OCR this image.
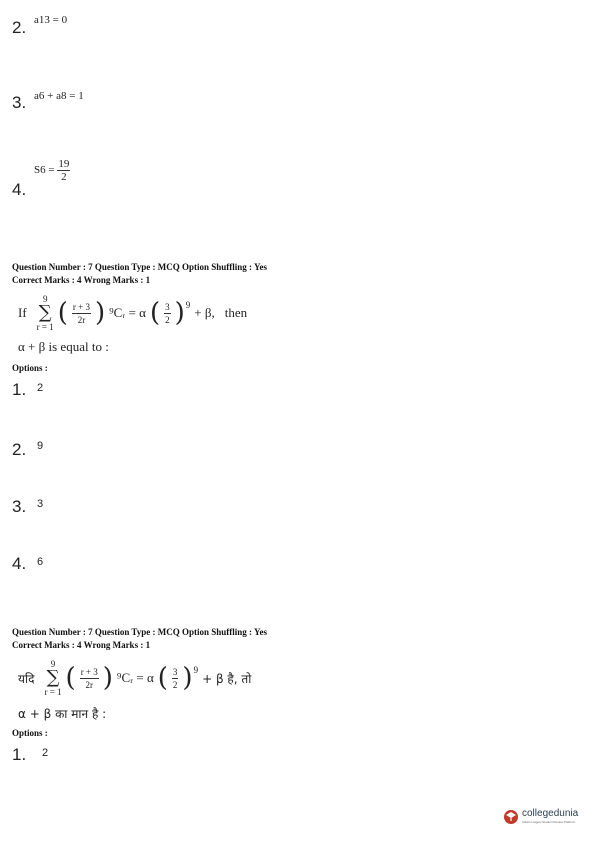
2. a13 = 0
3. a6 + a8 = 1
4.
$S6 = \frac{19}{2}$
Question Number : 7 Question Type : MCQ Option Shuffling : Yes
Correct Marks : 4 Wrong Marks : 1
If
9
∑
r = 1 ( $\frac{r + 3}{2r}$ ) ⁹Cᵣ = α ( $\frac{3}{2} )^9 + \beta$, then
α + β is equal to :
Options :
1. 2
2. 9
3. 3
4. 6
Question Number : 7 Question Type : MCQ Option Shuffling : Yes
Correct Marks : 4 Wrong Marks : 1
यदि
9
∑
r = 1 ( $\frac{r + 3}{2r}$ ) ⁹Cᵣ = α ( $\frac{3}{2} )^9$
+ β है, तो
α + β का मान है :
Options :
1. 2
collegedunia
India's Largest Student Review Platform
